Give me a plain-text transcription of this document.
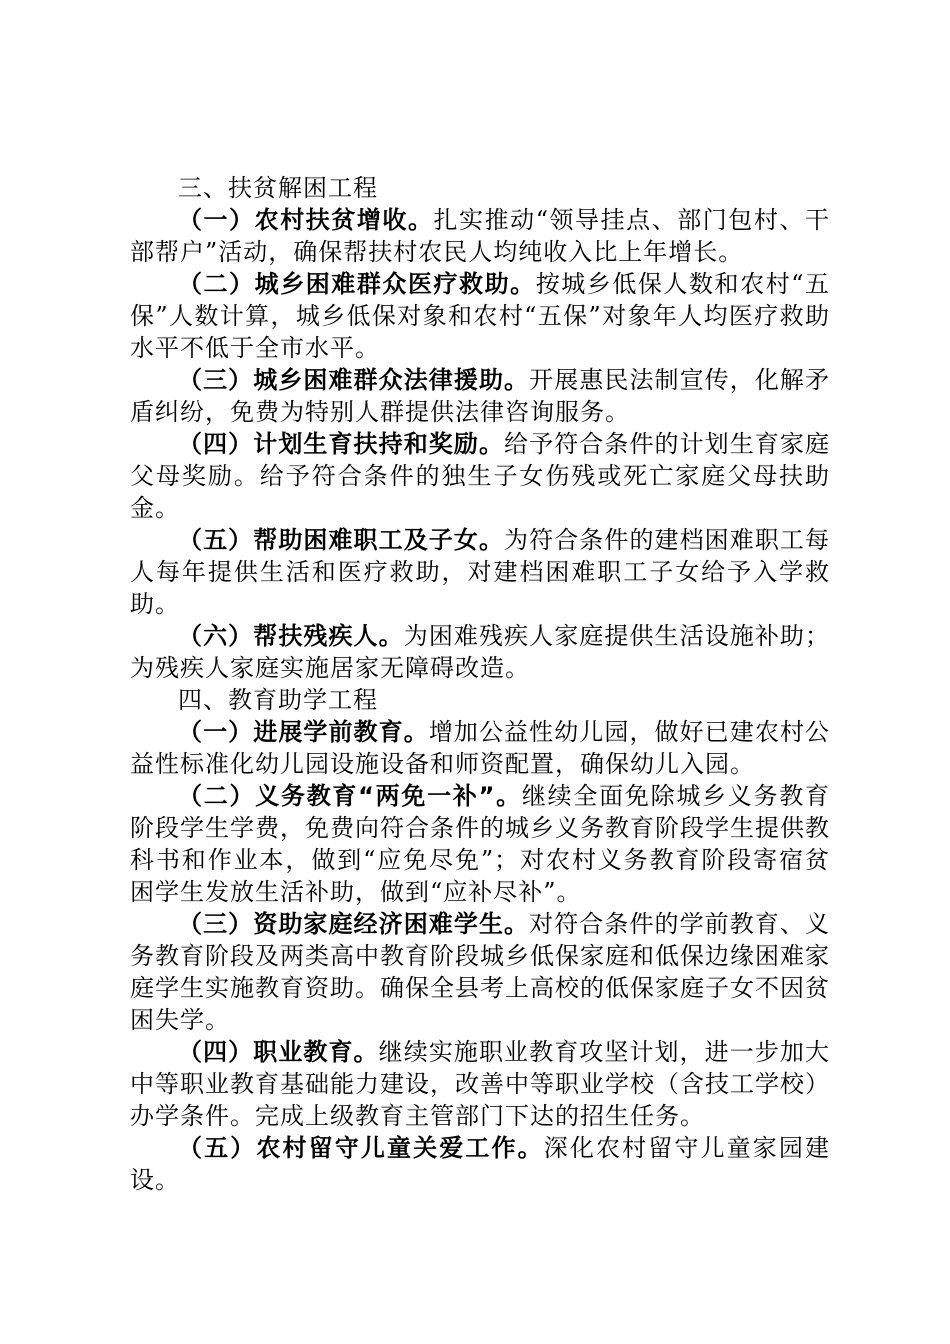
三、扶贫解困工程

（一）农村扶贫增收。扎实推动“领导挂点、部门包村、干部帮户”活动，确保帮扶村农民人均纯收入比上年增长。

（二）城乡困难群众医疗救助。按城乡低保人数和农村“五保”人数计算，城乡低保对象和农村“五保”对象年人均医疗救助水平不低于全市水平。

（三）城乡困难群众法律援助。开展惠民法制宣传，化解矛盾纠纷，免费为特别人群提供法律咨询服务。

（四）计划生育扶持和奖励。给予符合条件的计划生育家庭父母奖励。给予符合条件的独生子女伤残或死亡家庭父母扶助金。

（五）帮助困难职工及子女。为符合条件的建档困难职工每人每年提供生活和医疗救助，对建档困难职工子女给予入学救助。

（六）帮扶残疾人。为困难残疾人家庭提供生活设施补助；为残疾人家庭实施居家无障碍改造。

四、教育助学工程

（一）进展学前教育。增加公益性幼儿园，做好已建农村公益性标准化幼儿园设施设备和师资配置，确保幼儿入园。

（二）义务教育“两免一补”。继续全面免除城乡义务教育阶段学生学费，免费向符合条件的城乡义务教育阶段学生提供教科书和作业本，做到“应免尽免”；对农村义务教育阶段寄宿贫困学生发放生活补助，做到“应补尽补”。

（三）资助家庭经济困难学生。对符合条件的学前教育、义务教育阶段及两类高中教育阶段城乡低保家庭和低保边缘困难家庭学生实施教育资助。确保全县考上高校的低保家庭子女不因贫困失学。

（四）职业教育。继续实施职业教育攻坚计划，进一步加大中等职业教育基础能力建设，改善中等职业学校（含技工学校）办学条件。完成上级教育主管部门下达的招生任务。

（五）农村留守儿童关爱工作。深化农村留守儿童家园建设。
